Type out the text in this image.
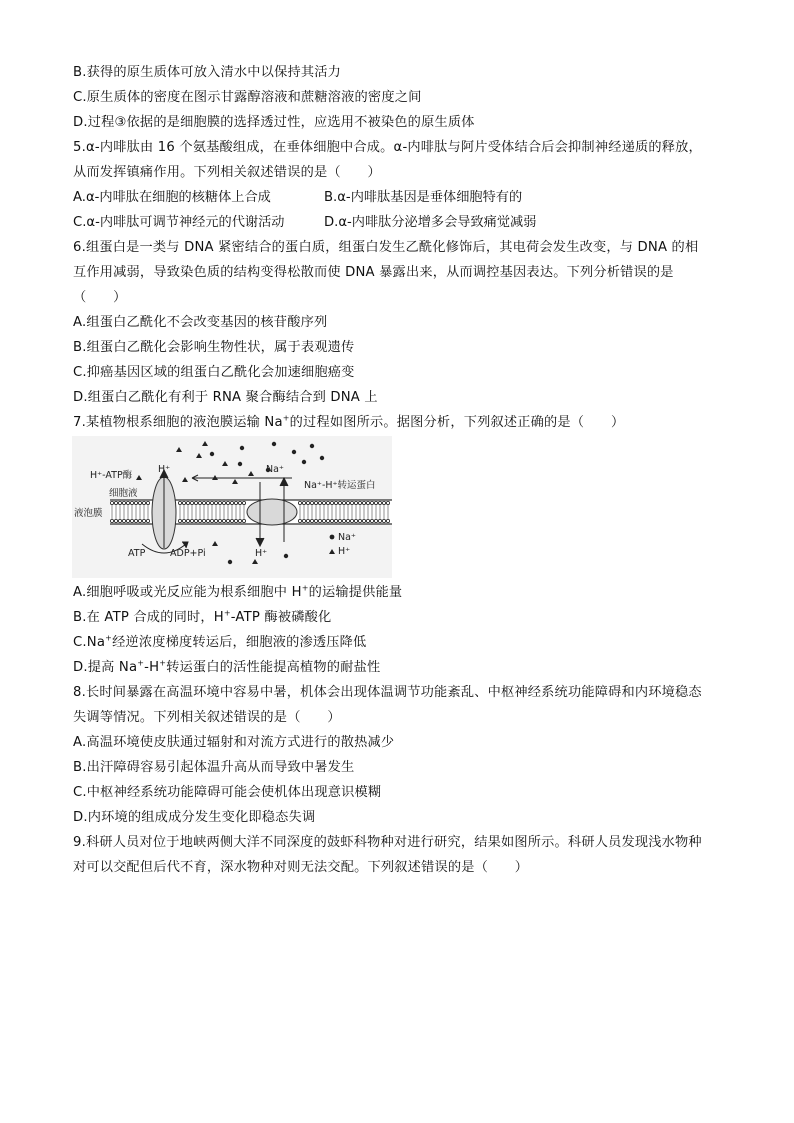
B.获得的原生质体可放入清水中以保持其活力
C.原生质体的密度在图示甘露醇溶液和蔗糖溶液的密度之间
D.过程③依据的是细胞膜的选择透过性，应选用不被染色的原生质体
5.α-内啡肽由 16 个氨基酸组成，在垂体细胞中合成。α-内啡肽与阿片受体结合后会抑制神经递质的释放，
从而发挥镇痛作用。下列相关叙述错误的是（　　）
A.α-内啡肽在细胞的核糖体上合成	B.α-内啡肽基因是垂体细胞特有的
C.α-内啡肽可调节神经元的代谢活动	D.α-内啡肽分泌增多会导致痛觉减弱
6.组蛋白是一类与 DNA 紧密结合的蛋白质，组蛋白发生乙酰化修饰后，其电荷会发生改变，与 DNA 的相
互作用减弱，导致染色质的结构变得松散而使 DNA 暴露出来，从而调控基因表达。下列分析错误的是
（　　）
A.组蛋白乙酰化不会改变基因的核苷酸序列
B.组蛋白乙酰化会影响生物性状，属于表观遗传
C.抑癌基因区域的组蛋白乙酰化会加速细胞癌变
D.组蛋白乙酰化有利于 RNA 聚合酶结合到 DNA 上
7.某植物根系细胞的液泡膜运输 Na+的过程如图所示。据图分析，下列叙述正确的是（　　）
H⁺-ATP酶
H⁺
细胞液
液泡膜
Na⁺
Na⁺-H⁺转运蛋白
ATP	ADP+Pi	H⁺
Na⁺
H⁺
A.细胞呼吸或光反应能为根系细胞中 H+的运输提供能量
B.在 ATP 合成的同时，H+-ATP 酶被磷酸化
C.Na+经逆浓度梯度转运后，细胞液的渗透压降低
D.提高 Na+-H+转运蛋白的活性能提高植物的耐盐性
8.长时间暴露在高温环境中容易中暑，机体会出现体温调节功能紊乱、中枢神经系统功能障碍和内环境稳态
失调等情况。下列相关叙述错误的是（　　）
A.高温环境使皮肤通过辐射和对流方式进行的散热减少
B.出汗障碍容易引起体温升高从而导致中暑发生
C.中枢神经系统功能障碍可能会使机体出现意识模糊
D.内环境的组成成分发生变化即稳态失调
9.科研人员对位于地峡两侧大洋不同深度的鼓虾科物种对进行研究，结果如图所示。科研人员发现浅水物种
对可以交配但后代不育，深水物种对则无法交配。下列叙述错误的是（　　）
